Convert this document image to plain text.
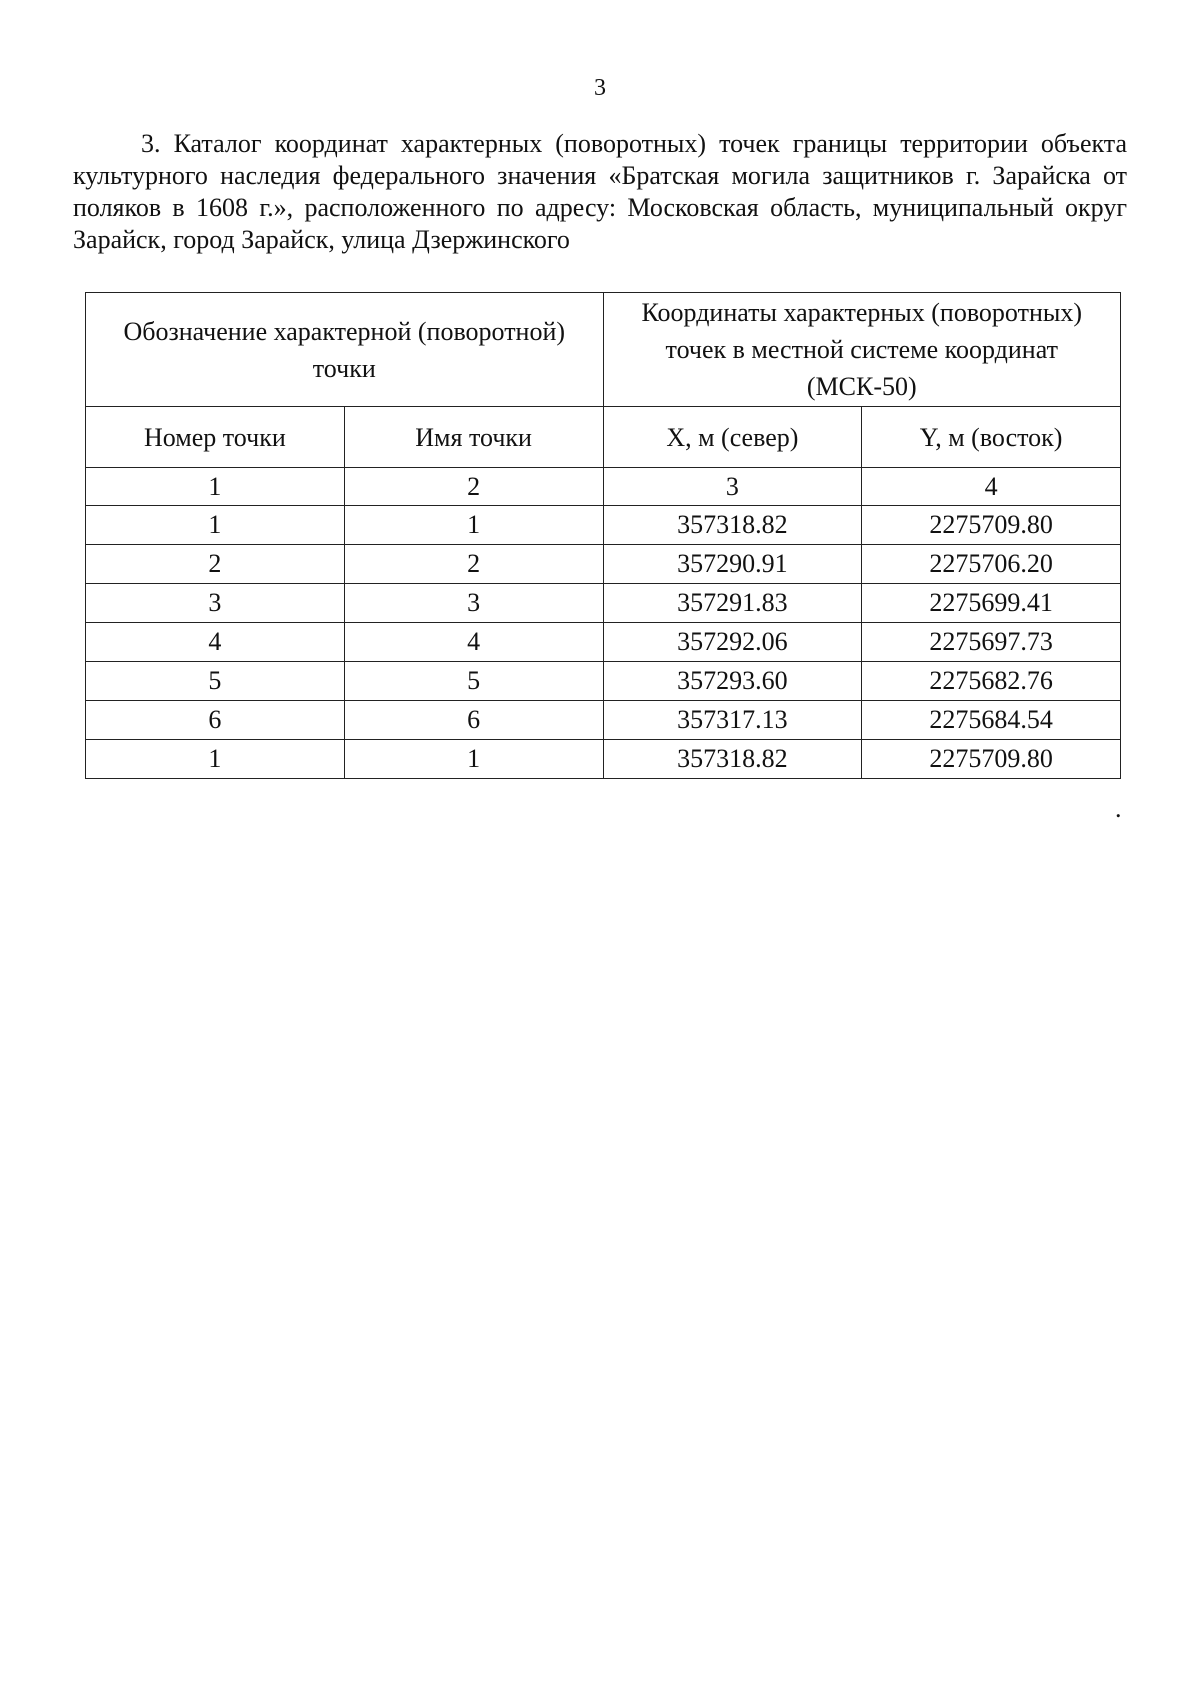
3

3. Каталог координат характерных (поворотных) точек границы территории объекта культурного наследия федерального значения «Братская могила защитников г. Зарайска от поляков в 1608 г.», расположенного по адресу: Московская область, муниципальный округ Зарайск, город Зарайск, улица Дзержинского

Обозначение характерной (поворотной) точки		Координаты характерных (поворотных) точек в местной системе координат (МСК-50)	
Номер точки	Имя точки	X, м (север)	Y, м (восток)
1	2	3	4
1	1	357318.82	2275709.80
2	2	357290.91	2275706.20
3	3	357291.83	2275699.41
4	4	357292.06	2275697.73
5	5	357293.60	2275682.76
6	6	357317.13	2275684.54
1	1	357318.82	2275709.80
.
